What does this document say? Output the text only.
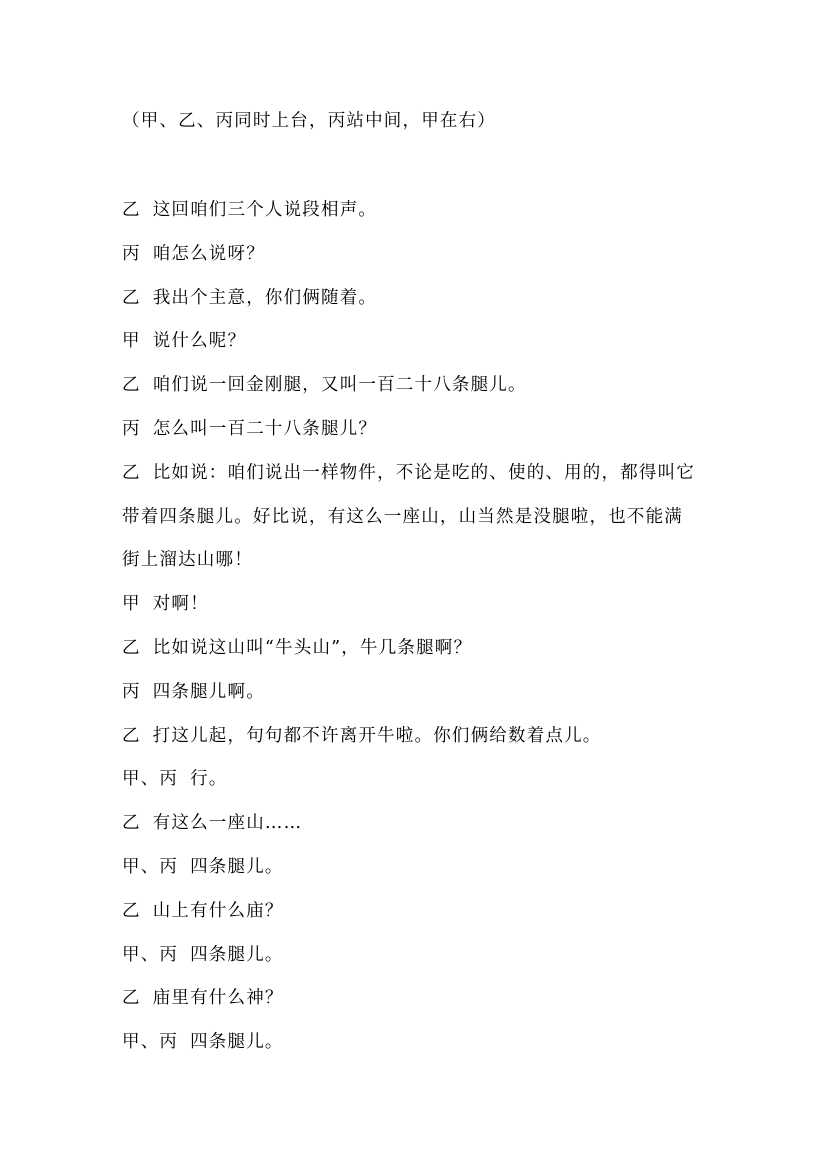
（甲、乙、丙同时上台，丙站中间，甲在右）
乙 这回咱们三个人说段相声。
丙 咱怎么说呀？
乙 我出个主意，你们俩随着。
甲 说什么呢？
乙 咱们说一回金刚腿，又叫一百二十八条腿儿。
丙 怎么叫一百二十八条腿儿？
乙 比如说：咱们说出一样物件，不论是吃的、使的、用的，都得叫它
带着四条腿儿。好比说，有这么一座山，山当然是没腿啦，也不能满
街上溜达山哪！
甲 对啊！
乙 比如说这山叫“牛头山”，牛几条腿啊？
丙 四条腿儿啊。
乙 打这儿起，句句都不许离开牛啦。你们俩给数着点儿。
甲、丙 行。
乙 有这么一座山……
甲、丙 四条腿儿。
乙 山上有什么庙？
甲、丙 四条腿儿。
乙 庙里有什么神？
甲、丙 四条腿儿。
